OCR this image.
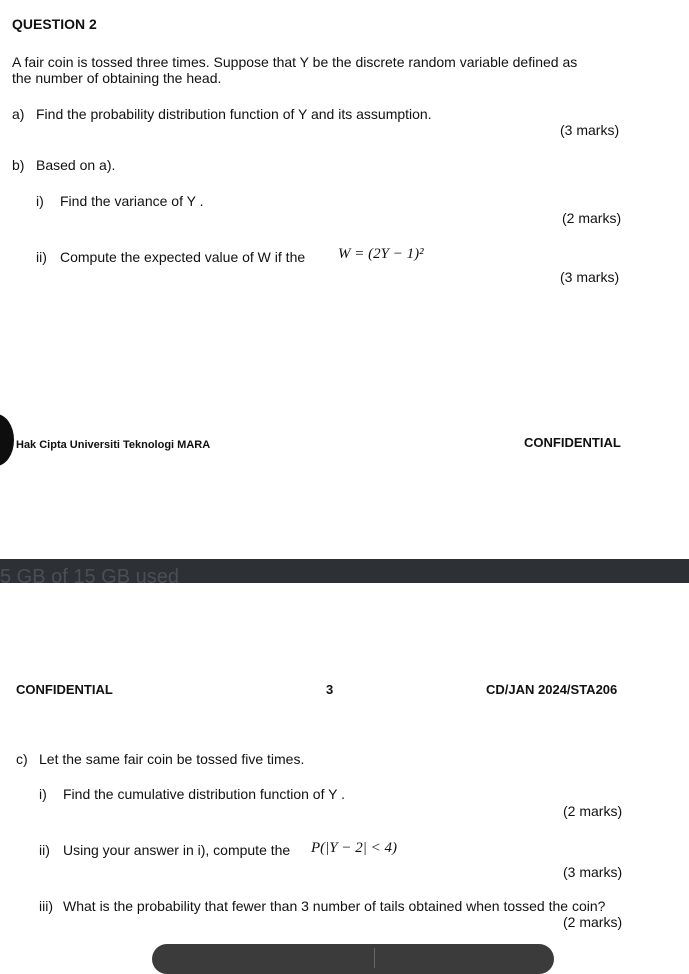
QUESTION 2
A fair coin is tossed three times. Suppose that Y be the discrete random variable defined as
the number of obtaining the head.
a) Find the probability distribution function of Y and its assumption.
(3 marks)
b) Based on a).
i) Find the variance of Y .
(2 marks)
ii) Compute the expected value of W if the W = (2Y − 1)²
(3 marks)
Hak Cipta Universiti Teknologi MARA	CONFIDENTIAL
5 GB of 15 GB used
CONFIDENTIAL	3	CD/JAN 2024/STA206
c) Let the same fair coin be tossed five times.
i) Find the cumulative distribution function of Y .
(2 marks)
ii) Using your answer in i), compute the P(|Y − 2| < 4)
(3 marks)
iii) What is the probability that fewer than 3 number of tails obtained when tossed the coin?
(2 marks)
